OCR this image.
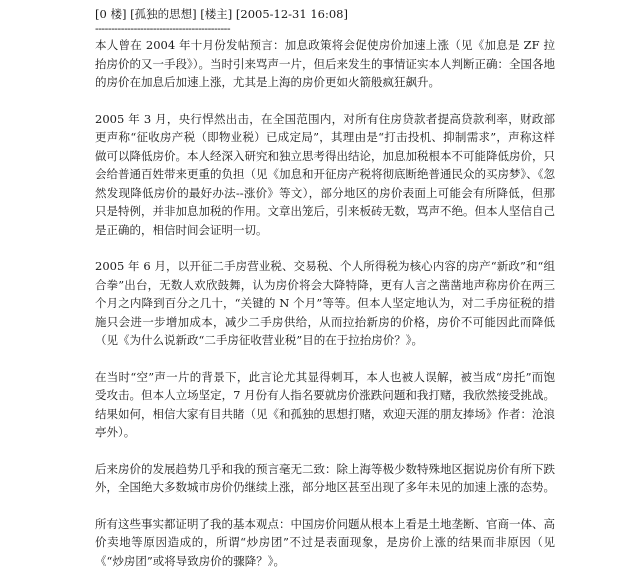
[0 楼] [孤独的思想] [楼主] [2005-12-31 16:08]
------------------------------------------

本人曾在 2004 年十月份发帖预言：加息政策将会促使房价加速上涨（见《加息是 ZF 拉抬房价的又一手段》）。当时引来骂声一片，但后来发生的事情证实本人判断正确：全国各地的房价在加息后加速上涨，尤其是上海的房价更如火箭般疯狂飙升。

2005 年 3 月，央行悍然出击，在全国范围内，对所有住房贷款者提高贷款利率，财政部更声称“征收房产税（即物业税）已成定局”，其理由是“打击投机、抑制需求”，声称这样做可以降低房价。本人经深入研究和独立思考得出结论，加息加税根本不可能降低房价，只会给普通百姓带来更重的负担（见《加息和开征房产税将彻底断绝普通民众的买房梦》、《忽然发现降低房价的最好办法--涨价》等文），部分地区的房价表面上可能会有所降低，但那只是特例，并非加息加税的作用。文章出笼后，引来板砖无数，骂声不绝。但本人坚信自己是正确的，相信时间会证明一切。

2005 年 6 月，以开征二手房营业税、交易税、个人所得税为核心内容的房产“新政”和“组合拳”出台，无数人欢欣鼓舞，认为房价将会大降特降，更有人言之凿凿地声称房价在两三个月之内降到百分之几十，“关键的 N 个月”等等。但本人坚定地认为，对二手房征税的措施只会进一步增加成本，减少二手房供给，从而拉抬新房的价格，房价不可能因此而降低（见《为什么说新政“二手房征收营业税”目的在于拉抬房价？》。

在当时“空”声一片的背景下，此言论尤其显得刺耳，本人也被人误解，被当成“房托”而饱受攻击。但本人立场坚定，7 月份有人指名要就房价涨跌问题和我打赌，我欣然接受挑战。结果如何，相信大家有目共睹（见《和孤独的思想打赌，欢迎天涯的朋友捧场》作者：沧浪亭外）。

后来房价的发展趋势几乎和我的预言毫无二致：除上海等极少数特殊地区据说房价有所下跌外，全国绝大多数城市房价仍继续上涨，部分地区甚至出现了多年未见的加速上涨的态势。

所有这些事实都证明了我的基本观点：中国房价问题从根本上看是土地垄断、官商一体、高价卖地等原因造成的，所谓“炒房团”不过是表面现象，是房价上涨的结果而非原因（见《“炒房团”或将导致房价的骤降？》。
